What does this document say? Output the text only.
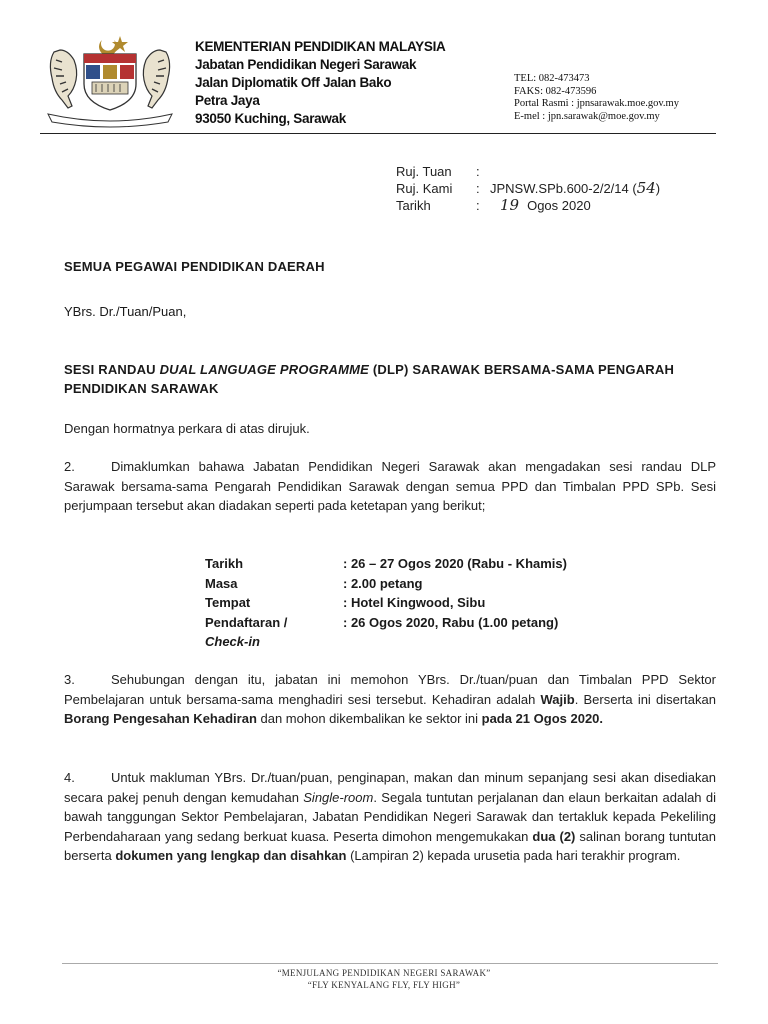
KEMENTERIAN PENDIDIKAN MALAYSIA
Jabatan Pendidikan Negeri Sarawak
Jalan Diplomatik Off Jalan Bako
Petra Jaya
93050 Kuching, Sarawak
TEL: 082-473473
FAKS: 082-473596
Portal Rasmi : jpnsarawak.moe.gov.my
E-mel : jpn.sarawak@moe.gov.my
Ruj. Tuan	:
Ruj. Kami	: JPNSW.SPb.600-2/2/14 ( 54 )
Tarikh	:	19 Ogos 2020
SEMUA PEGAWAI PENDIDIKAN DAERAH
YBrs. Dr./Tuan/Puan,
SESI RANDAU DUAL LANGUAGE PROGRAMME (DLP) SARAWAK BERSAMA-SAMA PENGARAH PENDIDIKAN SARAWAK
Dengan hormatnya perkara di atas dirujuk.
2.	Dimaklumkan bahawa Jabatan Pendidikan Negeri Sarawak akan mengadakan sesi randau DLP Sarawak bersama-sama Pengarah Pendidikan Sarawak dengan semua PPD dan Timbalan PPD SPb. Sesi perjumpaan tersebut akan diadakan seperti pada ketetapan yang berikut;
Tarikh	: 26 – 27 Ogos 2020 (Rabu - Khamis)
Masa	: 2.00 petang
Tempat	: Hotel Kingwood, Sibu
Pendaftaran /	: 26 Ogos 2020, Rabu (1.00 petang)
Check-in
3.	Sehubungan dengan itu, jabatan ini memohon YBrs. Dr./tuan/puan dan Timbalan PPD Sektor Pembelajaran untuk bersama-sama menghadiri sesi tersebut. Kehadiran adalah Wajib. Berserta ini disertakan Borang Pengesahan Kehadiran dan mohon dikembalikan ke sektor ini pada 21 Ogos 2020.
4.	Untuk makluman YBrs. Dr./tuan/puan, penginapan, makan dan minum sepanjang sesi akan disediakan secara pakej penuh dengan kemudahan Single-room. Segala tuntutan perjalanan dan elaun berkaitan adalah di bawah tanggungan Sektor Pembelajaran, Jabatan Pendidikan Negeri Sarawak dan tertakluk kepada Pekeliling Perbendaharaan yang sedang berkuat kuasa. Peserta dimohon mengemukakan dua (2) salinan borang tuntutan berserta dokumen yang lengkap dan disahkan (Lampiran 2) kepada urusetia pada hari terakhir program.
“MENJULANG PENDIDIKAN NEGERI SARAWAK”
“FLY KENYALANG FLY, FLY HIGH”
